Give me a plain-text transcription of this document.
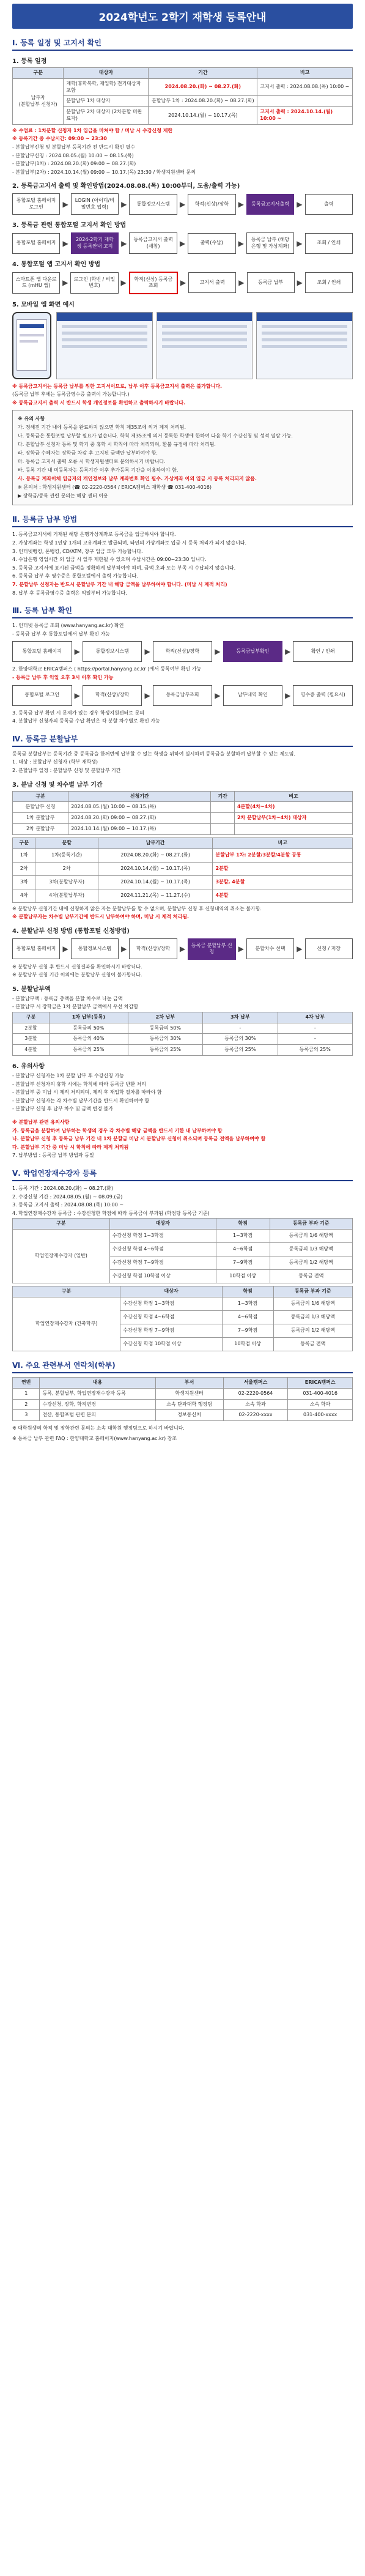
2024학년도 2학기 재학생 등록안내
Ⅰ. 등록 일정 및 고지서 확인
1. 등록 일정
구분	대상자	기간	비고
납부자
(분할납부 신청자)	재학(휴학복학, 재입학) 전기대상자 포함	2024.08.20.(화) ~ 08.27.(화)	고지서 출력 : 2024.08.08.(목) 10:00 ~
	분할납부 1차 대상자	분할납부 1차 : 2024.08.20.(화) ~ 08.27.(화)	
	분할납부 2차 대상자 (2차분할 미완료자)	2024.10.14.(월) ~ 10.17.(목)	고지서 출력 : 2024.10.14.(월) 10:00 ~

※ 수업료 : 1차분할 신청자 1차 입금을 마쳐야 함 / 미납 시 수강신청 제한

※ 등록기간 중 수납시간: 09:00 ~ 23:30

- 분할납부신청 및 분할납부 등록기간 전 반드시 확인 필수

- 분할납부신청 : 2024.08.05.(월) 10:00 ~ 08.15.(목)

- 분할납부(1차) : 2024.08.20.(화) 09:00 ~ 08.27.(화)

- 분할납부(2차) : 2024.10.14.(월) 09:00 ~ 10.17.(목) 23:30 / 학생지원센터 문의

2. 등록금고지서 출력 및 확인방법(2024.08.08.(목) 10:00부터, 도움/출력 가능)
통합포털 홈페이지 로그인	▶	LOGIN (아이디/비밀번호 입력)	▶	통합정보시스템	▶	학적(신상)/장학	▶	등록금고지서출력	▶	출력
3. 등록금 관련 통합포털 고지서 확인 방법
통합포털 홈페이지 ▶	2024-2학기 재학생 등록안내 고지	▶	등록금고지서 출력 (새창)	▶	출력(수납)	▶	등록금 납부 (해당은행 및 가상계좌)	▶	조회 / 인쇄
4. 통합포털 앱 고지서 확인 방법
스마트폰 앱 다운로드 (mHU 앱)	▶	로그인 (학번 / 비밀번호)	▶	학적(신상) 등록금 조회	▶	고지서 출력	▶	등록금 납부	▶	조회 / 인쇄
5. 모바일 앱 화면 예시

※ 등록금고지서는 등록금 납부를 위한 고지서이므로, 납부 이후 등록금고지서 출력은 불가합니다.

(등록금 납부 후에는 등록금영수증 출력이 가능합니다.)

※ 등록금고지서 출력 시 반드시 학생 개인정보를 확인하고 출력하시기 바랍니다.

※ 유의 사항

가. 정해진 기간 내에 등록을 완료하지 않으면 학칙 제35조에 의거 제적 처리됨.

나. 등록금은 통합포털 납부할 필요가 없습니다. 학칙 제35조에 의거 등록한 학생에 한하여 다음 학기 수강신청 및 성적 열람 가능.

다. 분할납부 신청자 등록 및 학기 중 휴학 시 학칙에 따라 처리되며, 환불 규정에 따라 처리됨.

라. 장학금 수혜자는 장학금 차감 후 고지된 금액만 납부하여야 함.

마. 등록금 고지서 출력 오류 시 학생지원센터로 문의하시기 바랍니다.

바. 등록 기간 내 미등록자는 등록기간 이후 추가등록 기간을 이용하여야 함.

사. 등록금 계좌이체 입금자의 개인정보와 납부 계좌번호 확인 필수. 가상계좌 이외 입금 시 등록 처리되지 않음.

※ 문의처 : 학생지원센터 (☎ 02-2220-0564 / ERICA캠퍼스 재학생 ☎ 031-400-4016)

▶ 장학금/등록 관련 문의는 해당 센터 이용

Ⅱ. 등록금 납부 방법

1. 등록금고지서에 기재된 해당 은행가상계좌로 등록금을 입금하셔야 합니다.

2. 가상계좌는 학생 1인당 1개의 고유계좌로 발급되며, 타인의 가상계좌로 입금 시 등록 처리가 되지 않습니다.

3. 인터넷뱅킹, 폰뱅킹, CD/ATM, 창구 입금 모두 가능합니다.

4. 수납은행 영업시간 외 입금 시 일부 제한될 수 있으며 수납시간은 09:00~23:30 입니다.

5. 등록금 고지서에 표시된 금액을 정확하게 납부하여야 하며, 금액 초과 또는 부족 시 수납되지 않습니다.

6. 등록금 납부 후 영수증은 통합포털에서 출력 가능합니다.

7. 분할납부 신청자는 반드시 분할납부 기간 내 해당 금액을 납부하여야 합니다. (미납 시 제적 처리)

8. 납부 후 등록금영수증 출력은 익일부터 가능합니다.

Ⅲ. 등록 납부 확인

1. 인터넷 등록금 조회 (www.hanyang.ac.kr) 확인

- 등록금 납부 후 통합포털에서 납부 확인 가능

통합포털 홈페이지	▶	통합정보시스템	▶	학적(신상)/장학	▶	등록금납부확인	▶	확인 / 인쇄

2. 한양대학교 ERICA캠퍼스 ( https://portal.hanyang.ac.kr )에서 등록여부 확인 가능

- 등록금 납부 후 익일 오후 3시 이후 확인 가능

통합포털 로그인	▶	학적(신상)/장학	▶	등록금납부조회	▶	납부내역 확인	▶	영수증 출력 (필요시)

3. 등록금 납부 확인 시 문제가 있는 경우 학생지원센터로 문의

4. 분할납부 신청자의 등록금 수납 확인은 각 분할 차수별로 확인 가능

Ⅳ. 등록금 분할납부

등록금 분할납부는 등록기간 중 등록금을 한꺼번에 납부할 수 없는 학생을 위하여 실시하며 등록금을 분할하여 납부할 수 있는 제도임.

1. 대상 : 분할납부 신청자 (학부 재학생)

2. 분할납부 일정 : 분할납부 신청 및 분할납부 기간

3. 분납 신청 및 차수별 납부 기간
구분	신청기간	기간	비고
분할납부 신청	2024.08.05.(월) 10:00 ~ 08.15.(목)		4분할(4차~4차)
1차 분할납부	2024.08.20.(화) 09:00 ~ 08.27.(화)		2차 분할납부(1차~4차) 대상자
2차 분할납부	2024.10.14.(월) 09:00 ~ 10.17.(목)		
구분	분할	납부기간	비고
1차	1차(등록기간)	2024.08.20.(화) ~ 08.27.(화)	분할납부 1차: 2분할/3분할/4분할 공통
2차	2차	2024.10.14.(월) ~ 10.17.(목)	2분할
3차	3차(분할납부자)	2024.10.14.(월) ~ 10.17.(목)	3분할, 4분할
4차	4차(분할납부자)	2024.11.21.(목) ~ 11.27.(수)	4분할

※ 분할납부 신청기간 내에 신청하지 않은 자는 분할납부를 할 수 없으며, 분할납부 신청 후 신청내역의 취소는 불가함.

※ 분할납부자는 차수별 납부기간에 반드시 납부하여야 하며, 미납 시 제적 처리됨.

4. 분할납부 신청 방법 (통합포털 신청방법)
통합포털 홈페이지 ▶	통합정보시스템	▶	학적(신상)/장학	▶	등록금 분할납부 신청	▶	분할차수 선택	▶	신청 / 저장

※ 분할납부 신청 후 반드시 신청결과를 확인하시기 바랍니다.

※ 분할납부 신청 기간 이외에는 분할납부 신청이 불가합니다.

5. 분할납부액

- 분할납부액 : 등록금 총액을 분할 차수로 나눈 금액

- 분할납부 시 장학금은 1차 분할납부 금액에서 우선 차감함

구분	1차 납부(등록)	2차 납부	3차 납부	4차 납부
2분할	등록금의 50%	등록금의 50%	-	-
3분할	등록금의 40%	등록금의 30%	등록금의 30%	-
4분할	등록금의 25%	등록금의 25%	등록금의 25%	등록금의 25%
6. 유의사항

- 분할납부 신청자는 1차 분할 납부 후 수강신청 가능

- 분할납부 신청자의 휴학 시에는 학칙에 따라 등록금 반환 처리

- 분할납부 중 미납 시 제적 처리되며, 제적 후 재입학 절차를 따라야 함

- 분할납부 신청자는 각 차수별 납부기간을 반드시 확인하여야 함

- 분할납부 신청 후 납부 차수 및 금액 변경 불가

※ 분할납부 관련 유의사항

가. 등록금을 분할하여 납부하는 학생의 경우 각 차수별 해당 금액을 반드시 기한 내 납부하여야 함

나. 분할납부 신청 후 등록금 납부 기간 내 1차 분할금 미납 시 분할납부 신청이 취소되며 등록금 전액을 납부하여야 함

다. 분할납부 기간 중 미납 시 학칙에 따라 제적 처리됨

7. 납부방법 : 등록금 납부 방법과 동일

Ⅴ. 학업연장재수강자 등록

1. 등록 기간 : 2024.08.20.(화) ~ 08.27.(화)

2. 수강신청 기간 : 2024.08.05.(월) ~ 08.09.(금)

3. 등록금 고지서 출력 : 2024.08.08.(목) 10:00 ~

4. 학업연장재수강자 등록금 : 수강신청한 학점에 따라 등록금이 부과됨 (학점당 등록금 기준)

구분	대상자	학점	등록금 부과 기준
학업연장재수강자 (일반)	수강신청 학점 1~3학점	1~3학점	등록금의 1/6 해당액
	수강신청 학점 4~6학점	4~6학점	등록금의 1/3 해당액
	수강신청 학점 7~9학점	7~9학점	등록금의 1/2 해당액
	수강신청 학점 10학점 이상	10학점 이상	등록금 전액
구분	대상자	학점	등록금 부과 기준
학업연장재수강자 (건축학부)	수강신청 학점 1~3학점	1~3학점	등록금의 1/6 해당액
	수강신청 학점 4~6학점	4~6학점	등록금의 1/3 해당액
	수강신청 학점 7~9학점	7~9학점	등록금의 1/2 해당액
	수강신청 학점 10학점 이상	10학점 이상	등록금 전액
Ⅵ. 주요 관련부서 연락처(학부)
연번	내용	부서	서울캠퍼스	ERICA캠퍼스
1	등록, 분할납부, 학업연장재수강자 등록	학생지원센터	02-2220-0564	031-400-4016
2	수강신청, 장학, 학적변경	소속 단과대학 행정팀	소속 학과	소속 학과
3	전산, 통합포털 관련 문의	정보통신처	02-2220-xxxx	031-400-xxxx

※ 대학원생의 학적 및 장학관련 문의는 소속 대학원 행정팀으로 하시기 바랍니다.

※ 등록금 납부 관련 FAQ : 한양대학교 홈페이지(www.hanyang.ac.kr) 참조
